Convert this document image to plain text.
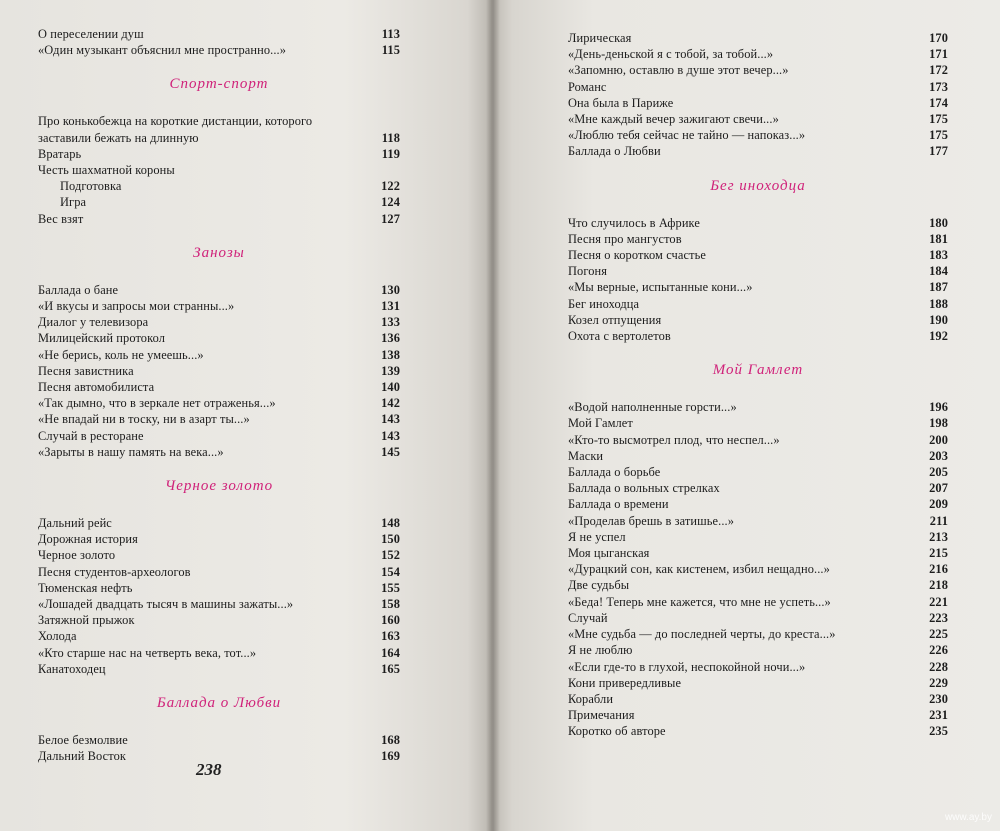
О переселении душ	113
«Один музыкант объяснил мне пространно...»	115
Спорт-спорт
Про конькобежца на короткие дистанции, которого заставили бежать на длинную	118
Вратарь	119
Честь шахматной короны
Подготовка	122
Игра	124
Вес взят	127
Занозы
Баллада о бане	130
«И вкусы и запросы мои странны...»	131
Диалог у телевизора	133
Милицейский протокол	136
«Не берись, коль не умеешь...»	138
Песня завистника	139
Песня автомобилиста	140
«Так дымно, что в зеркале нет отраженья...»	142
«Не впадай ни в тоску, ни в азарт ты...»	143
Случай в ресторане	143
«Зарыты в нашу память на века...»	145
Черное золото
Дальний рейс	148
Дорожная история	150
Черное золото	152
Песня студентов-археологов	154
Тюменская нефть	155
«Лошадей двадцать тысяч в машины зажаты...»	158
Затяжной прыжок	160
Холода	163
«Кто старше нас на четверть века, тот...»	164
Канатоходец	165
Баллада о Любви
Белое безмолвие	168
Дальний Восток	169
238
Лирическая	170
«День-деньской я с тобой, за тобой...»	171
«Запомню, оставлю в душе этот вечер...»	172
Романс	173
Она была в Париже	174
«Мне каждый вечер зажигают свечи...»	175
«Люблю тебя сейчас не тайно — напоказ...»	175
Баллада о Любви	177
Бег иноходца
Что случилось в Африке	180
Песня про мангустов	181
Песня о коротком счастье	183
Погоня	184
«Мы верные, испытанные кони...»	187
Бег иноходца	188
Козел отпущения	190
Охота с вертолетов	192
Мой Гамлет
«Водой наполненные горсти...»	196
Мой Гамлет	198
«Кто-то высмотрел плод, что неспел...»	200
Маски	203
Баллада о борьбе	205
Баллада о вольных стрелках	207
Баллада о времени	209
«Проделав брешь в затишье...»	211
Я не успел	213
Моя цыганская	215
«Дурацкий сон, как кистенем, избил нещадно...»	216
Две судьбы	218
«Беда! Теперь мне кажется, что мне не успеть...»	221
Случай	223
«Мне судьба — до последней черты, до креста...»	225
Я не люблю	226
«Если где-то в глухой, неспокойной ночи...»	228
Кони привередливые	229
Корабли	230
Примечания	231
Коротко об авторе	235
www.ay.by
